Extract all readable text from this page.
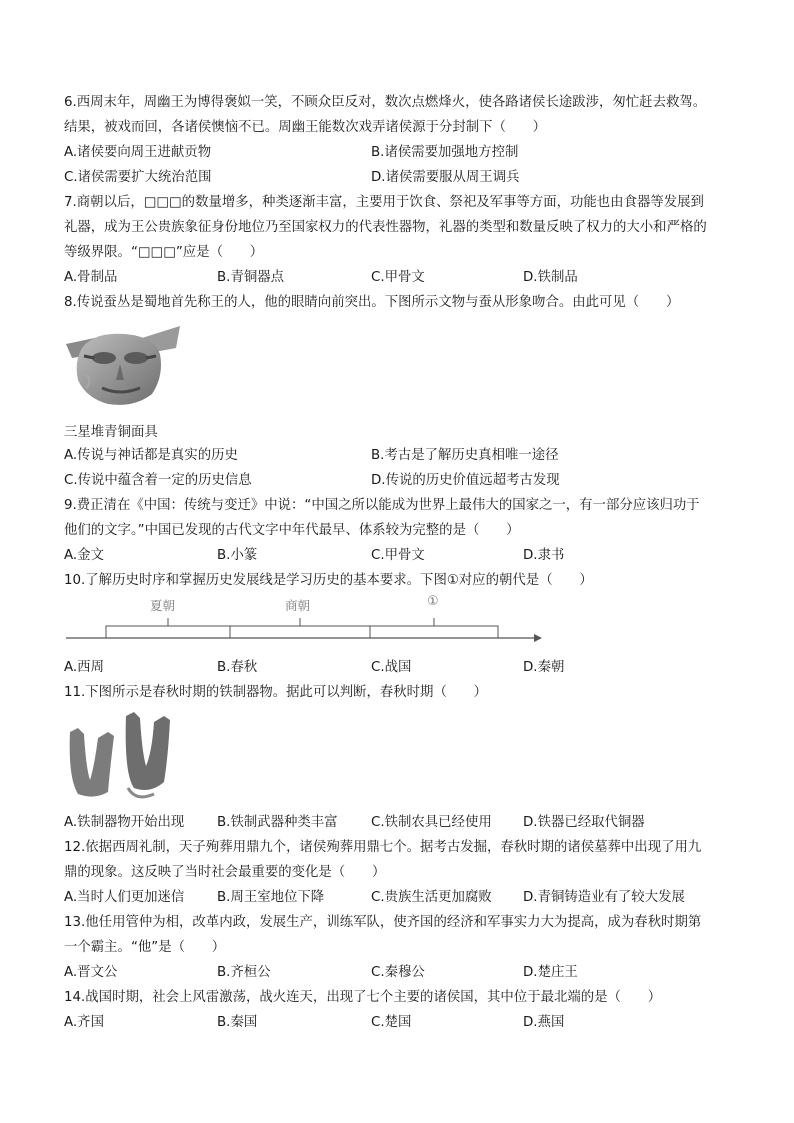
6.西周末年，周幽王为博得褒姒一笑，不顾众臣反对，数次点燃烽火，使各路诸侯长途跋涉，匆忙赶去救驾。
结果，被戏而回，各诸侯懊恼不已。周幽王能数次戏弄诸侯源于分封制下（　　）
A.诸侯要向周王进献贡物	B.诸侯需要加强地方控制
C.诸侯需要扩大统治范围	D.诸侯需要服从周王调兵
7.商朝以后，□□□的数量增多，种类逐渐丰富，主要用于饮食、祭祀及军事等方面，功能也由食器等发展到
礼器，成为王公贵族象征身份地位乃至国家权力的代表性器物，礼器的类型和数量反映了权力的大小和严格的
等级界限。“□□□”应是（　　）
A.骨制品	B.青铜器点	C.甲骨文	D.铁制品
8.传说蚕丛是蜀地首先称王的人，他的眼睛向前突出。下图所示文物与蚕从形象吻合。由此可见（　　）
三星堆青铜面具
A.传说与神话都是真实的历史	B.考古是了解历史真相唯一途径
C.传说中蕴含着一定的历史信息	D.传说的历史价值远超考古发现
9.费正清在《中国：传统与变迁》中说：“中国之所以能成为世界上最伟大的国家之一，有一部分应该归功于
他们的文字。”中国已发现的古代文字中年代最早、体系较为完整的是（　　）
A.金文	B.小篆	C.甲骨文	D.隶书
10.了解历史时序和掌握历史发展线是学习历史的基本要求。下图①对应的朝代是（　　）
夏朝	商朝	①
A.西周	B.春秋	C.战国	D.秦朝
11.下图所示是春秋时期的铁制器物。据此可以判断，春秋时期（　　）
A.铁制器物开始出现 B.铁制武器种类丰富 C.铁制农具已经使用 D.铁器已经取代铜器
12.依据西周礼制，天子殉葬用鼎九个，诸侯殉葬用鼎七个。据考古发掘，春秋时期的诸侯墓葬中出现了用九
鼎的现象。这反映了当时社会最重要的变化是（　　）
A.当时人们更加迷信 B.周王室地位下降	C.贵族生活更加腐败 D.青铜铸造业有了较大发展
13.他任用管仲为相，改革内政，发展生产，训练军队，使齐国的经济和军事实力大为提高，成为春秋时期第
一个霸主。“他”是（　　）
A.晋文公	B.齐桓公	C.秦穆公	D.楚庄王
14.战国时期，社会上风雷激荡，战火连天，出现了七个主要的诸侯国，其中位于最北端的是（　　）
A.齐国	B.秦国	C.楚国	D.燕国
